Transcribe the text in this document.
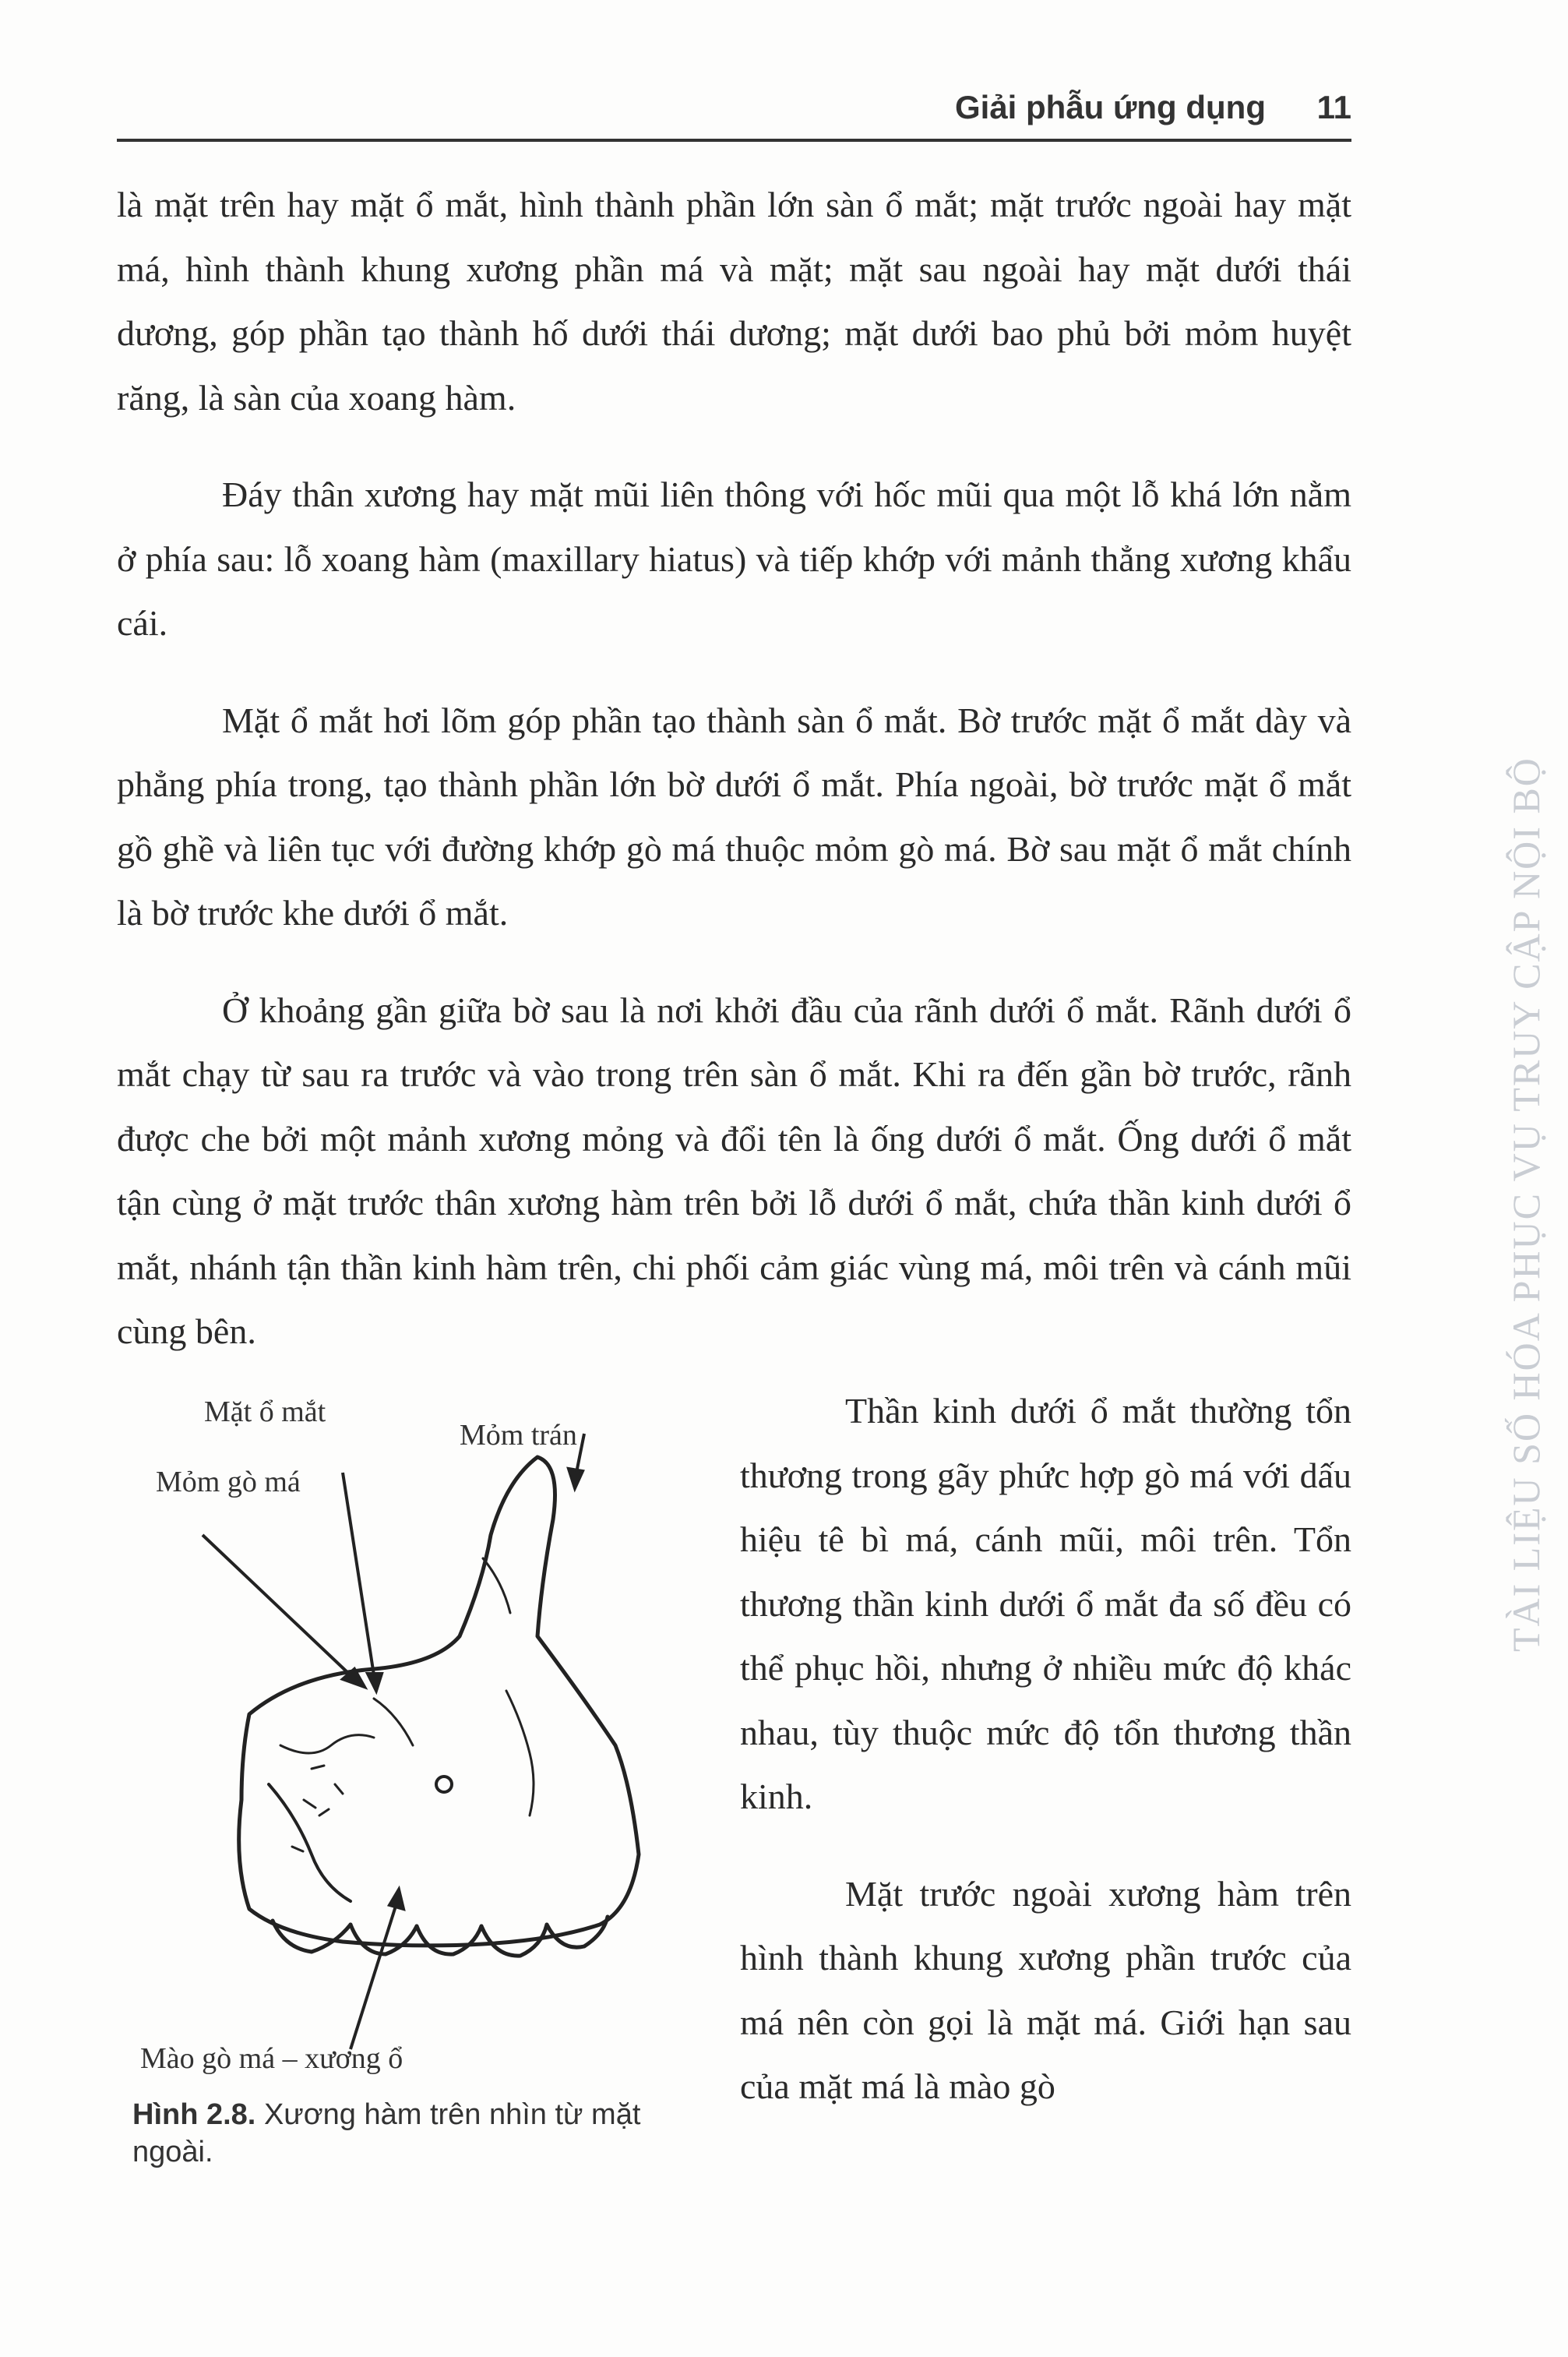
Giải phẫu ứng dụng 11

là mặt trên hay mặt ổ mắt, hình thành phần lớn sàn ổ mắt; mặt trước ngoài hay mặt má, hình thành khung xương phần má và mặt; mặt sau ngoài hay mặt dưới thái dương, góp phần tạo thành hố dưới thái dương; mặt dưới bao phủ bởi mỏm huyệt răng, là sàn của xoang hàm.

Đáy thân xương hay mặt mũi liên thông với hốc mũi qua một lỗ khá lớn nằm ở phía sau: lỗ xoang hàm (maxillary hiatus) và tiếp khớp với mảnh thẳng xương khẩu cái.

Mặt ổ mắt hơi lõm góp phần tạo thành sàn ổ mắt. Bờ trước mặt ổ mắt dày và phẳng phía trong, tạo thành phần lớn bờ dưới ổ mắt. Phía ngoài, bờ trước mặt ổ mắt gồ ghề và liên tục với đường khớp gò má thuộc mỏm gò má. Bờ sau mặt ổ mắt chính là bờ trước khe dưới ổ mắt.

Ở khoảng gần giữa bờ sau là nơi khởi đầu của rãnh dưới ổ mắt. Rãnh dưới ổ mắt chạy từ sau ra trước và vào trong trên sàn ổ mắt. Khi ra đến gần bờ trước, rãnh được che bởi một mảnh xương mỏng và đổi tên là ống dưới ổ mắt. Ống dưới ổ mắt tận cùng ở mặt trước thân xương hàm trên bởi lỗ dưới ổ mắt, chứa thần kinh dưới ổ mắt, nhánh tận thần kinh hàm trên, chi phối cảm giác vùng má, môi trên và cánh mũi cùng bên.

Mặt ổ mắt
Mỏm trán
Mỏm gò má
Mào gò má – xương ổ
Hình 2.8. Xương hàm trên nhìn từ mặt ngoài.

Thần kinh dưới ổ mắt thường tổn thương trong gãy phức hợp gò má với dấu hiệu tê bì má, cánh mũi, môi trên. Tổn thương thần kinh dưới ổ mắt đa số đều có thể phục hồi, nhưng ở nhiều mức độ khác nhau, tùy thuộc mức độ tổn thương thần kinh.

Mặt trước ngoài xương hàm trên hình thành khung xương phần trước của má nên còn gọi là mặt má. Giới hạn sau của mặt má là mào gò

TÀI LIỆU SỐ HÓA PHỤC VỤ TRUY CẬP NỘI BỘ
